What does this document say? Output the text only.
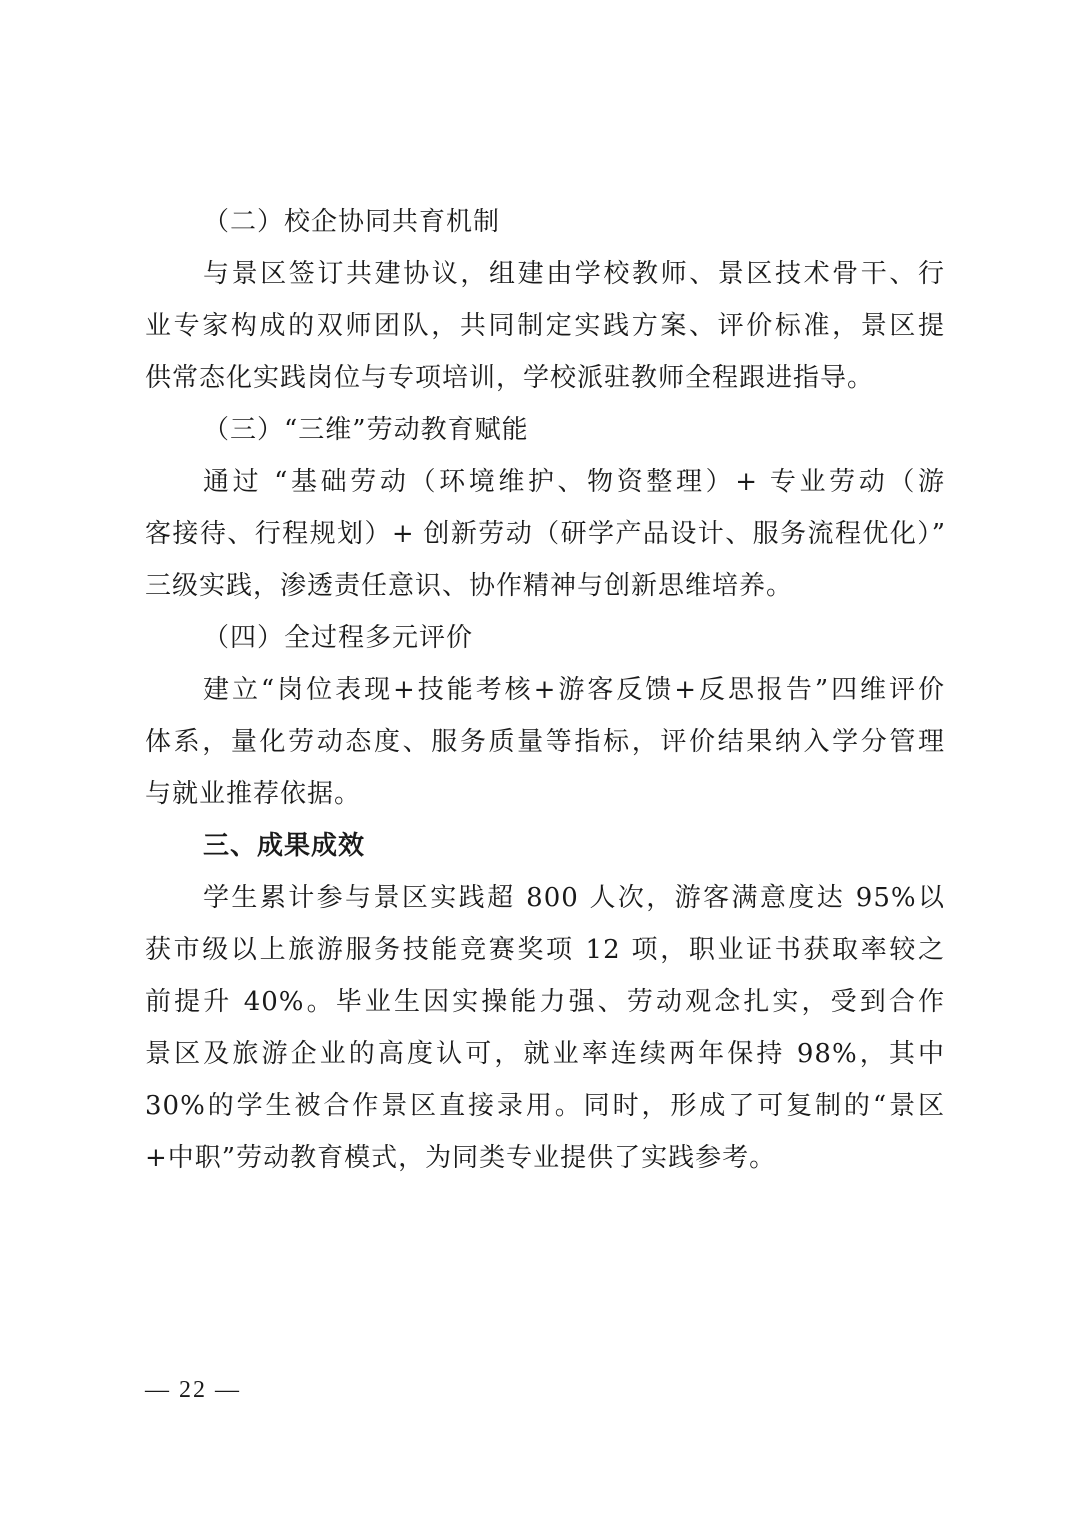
（二）校企协同共育机制
与景区签订共建协议，组建由学校教师、景区技术骨干、行
业专家构成的双师团队，共同制定实践方案、评价标准，景区提
供常态化实践岗位与专项培训，学校派驻教师全程跟进指导。
（三）“三维”劳动教育赋能
通过 “基础劳动（环境维护、物资整理）+ 专业劳动（游
客接待、行程规划）+ 创新劳动（研学产品设计、服务流程优化）”
三级实践，渗透责任意识、协作精神与创新思维培养。
（四）全过程多元评价
建立“岗位表现+技能考核+游客反馈+反思报告”四维评价
体系，量化劳动态度、服务质量等指标，评价结果纳入学分管理
与就业推荐依据。
三、成果成效
学生累计参与景区实践超 800 人次，游客满意度达 95%以
获市级以上旅游服务技能竞赛奖项 12 项，职业证书获取率较之
前提升 40%。毕业生因实操能力强、劳动观念扎实，受到合作
景区及旅游企业的高度认可，就业率连续两年保持 98%，其中
30%的学生被合作景区直接录用。同时，形成了可复制的“景区
+中职”劳动教育模式，为同类专业提供了实践参考。
— 22 —
